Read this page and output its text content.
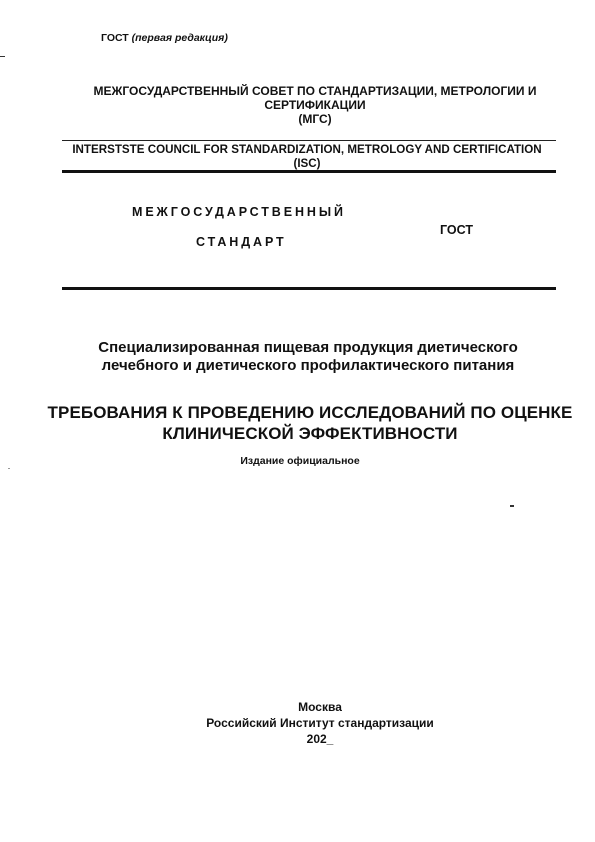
ГОСТ (первая редакция)
МЕЖГОСУДАРСТВЕННЫЙ СОВЕТ ПО СТАНДАРТИЗАЦИИ, МЕТРОЛОГИИ И
СЕРТИФИКАЦИИ
(МГС)
INTERSTSTE COUNCIL FOR STANDARDIZATION, METROLOGY AND CERTIFICATION
(ISC)
МЕЖГОСУДАРСТВЕННЫЙ
СТАНДАРТ
ГОСТ
Специализированная пищевая продукция диетического
лечебного и диетического профилактического питания
ТРЕБОВАНИЯ К ПРОВЕДЕНИЮ ИССЛЕДОВАНИЙ ПО ОЦЕНКЕ
КЛИНИЧЕСКОЙ ЭФФЕКТИВНОСТИ
Издание официальное
Москва
Российский Институт стандартизации
202_
